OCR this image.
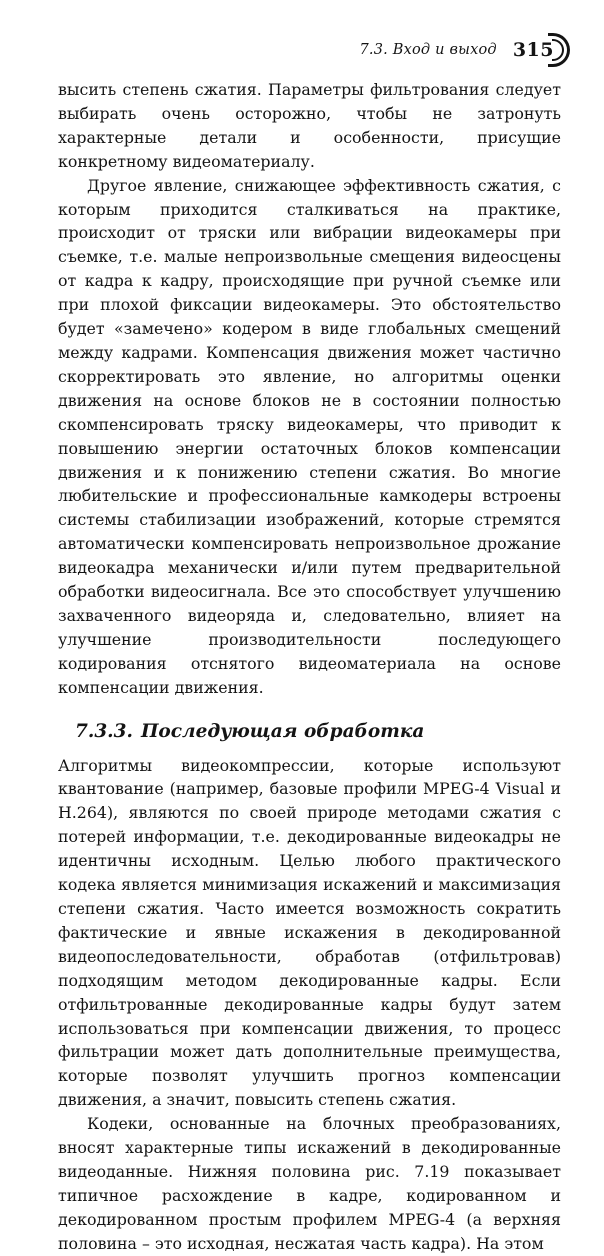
7.3. Вход и выход 315

высить степень сжатия. Параметры фильтрования следует выбирать очень осторожно, чтобы не затронуть характерные детали и особенности, присущие конкретному видеоматериалу.

Другое явление, снижающее эффективность сжатия, с которым приходится сталкиваться на практике, происходит от тряски или вибрации видеокамеры при съемке, т.е. малые непроизвольные смещения видеосцены от кадра к кадру, происходящие при ручной съемке или при плохой фиксации видеокамеры. Это обстоятельство будет «замечено» кодером в виде глобальных смещений между кадрами. Компенсация движения может частично скорректировать это явление, но алгоритмы оценки движения на основе блоков не в состоянии полностью скомпенсировать тряску видеокамеры, что приводит к повышению энергии остаточных блоков компенсации движения и к понижению степени сжатия. Во многие любительские и профессиональные камкодеры встроены системы стабилизации изображений, которые стремятся автоматически компенсировать непроизвольное дрожание видеокадра механически и/или путем предварительной обработки видеосигнала. Все это способствует улучшению захваченного видеоряда и, следовательно, влияет на улучшение производительности последующего кодирования отснятого видеоматериала на основе компенсации движения.

7.3.3. Последующая обработка

Алгоритмы видеокомпрессии, которые используют квантование (например, базовые профили MPEG-4 Visual и H.264), являются по своей природе методами сжатия с потерей информации, т.е. декодированные видеокадры не идентичны исходным. Целью любого практического кодека является минимизация искажений и максимизация степени сжатия. Часто имеется возможность сократить фактические и явные искажения в декодированной видеопоследовательности, обработав (отфильтровав) подходящим методом декодированные кадры. Если отфильтрованные декодированные кадры будут затем использоваться при компенсации движения, то процесс фильтрации может дать дополнительные преимущества, которые позволят улучшить прогноз компенсации движения, а значит, повысить степень сжатия.

Кодеки, основанные на блочных преобразованиях, вносят характерные типы искажений в декодированные видеоданные. Нижняя половина рис. 7.19 показывает типичное расхождение в кадре, кодированном и декодированном простым профилем MPEG-4 (а верхняя половина – это исходная, несжатая часть кадра). На этом
